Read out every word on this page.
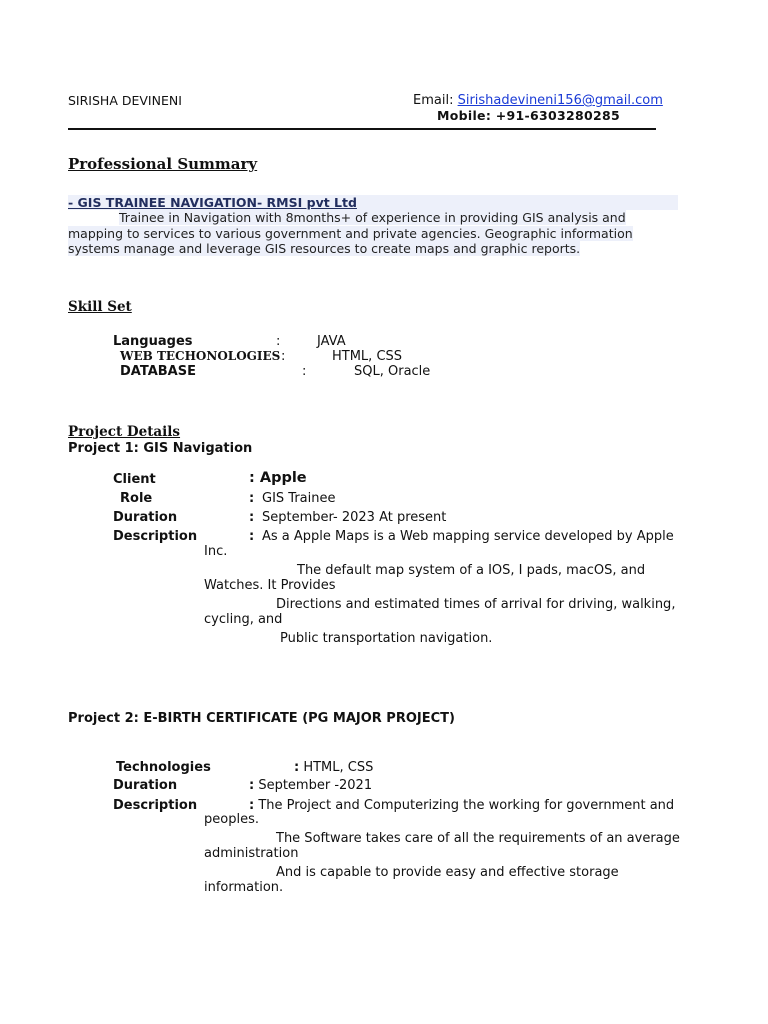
SIRISHA DEVINENI	Email: Sirishadevineni156@gmail.com
Mobile: +91-6303280285
Professional Summary
- GIS TRAINEE NAVIGATION- RMSI pvt Ltd
Trainee in Navigation with 8months+ of experience in providing GIS analysis and
mapping to services to various government and private agencies. Geographic information
systems manage and leverage GIS resources to create maps and graphic reports.
Skill Set
Languages	:	JAVA
WEB TECHONOLOGIES :	HTML, CSS
DATABASE	:	SQL, Oracle
Project Details
Project 1: GIS Navigation
Client	: Apple
Role	: GIS Trainee
Duration	: September- 2023 At present
Description	: As a Apple Maps is a Web mapping service developed by Apple
Inc.
The default map system of a IOS, I pads, macOS, and
Watches. It Provides
Directions and estimated times of arrival for driving, walking,
cycling, and
Public transportation navigation.
Project 2: E-BIRTH CERTIFICATE (PG MAJOR PROJECT)
Technologies	: HTML, CSS
Duration	: September -2021
Description	: The Project and Computerizing the working for government and
peoples.
The Software takes care of all the requirements of an average
administration
And is capable to provide easy and effective storage
information.
